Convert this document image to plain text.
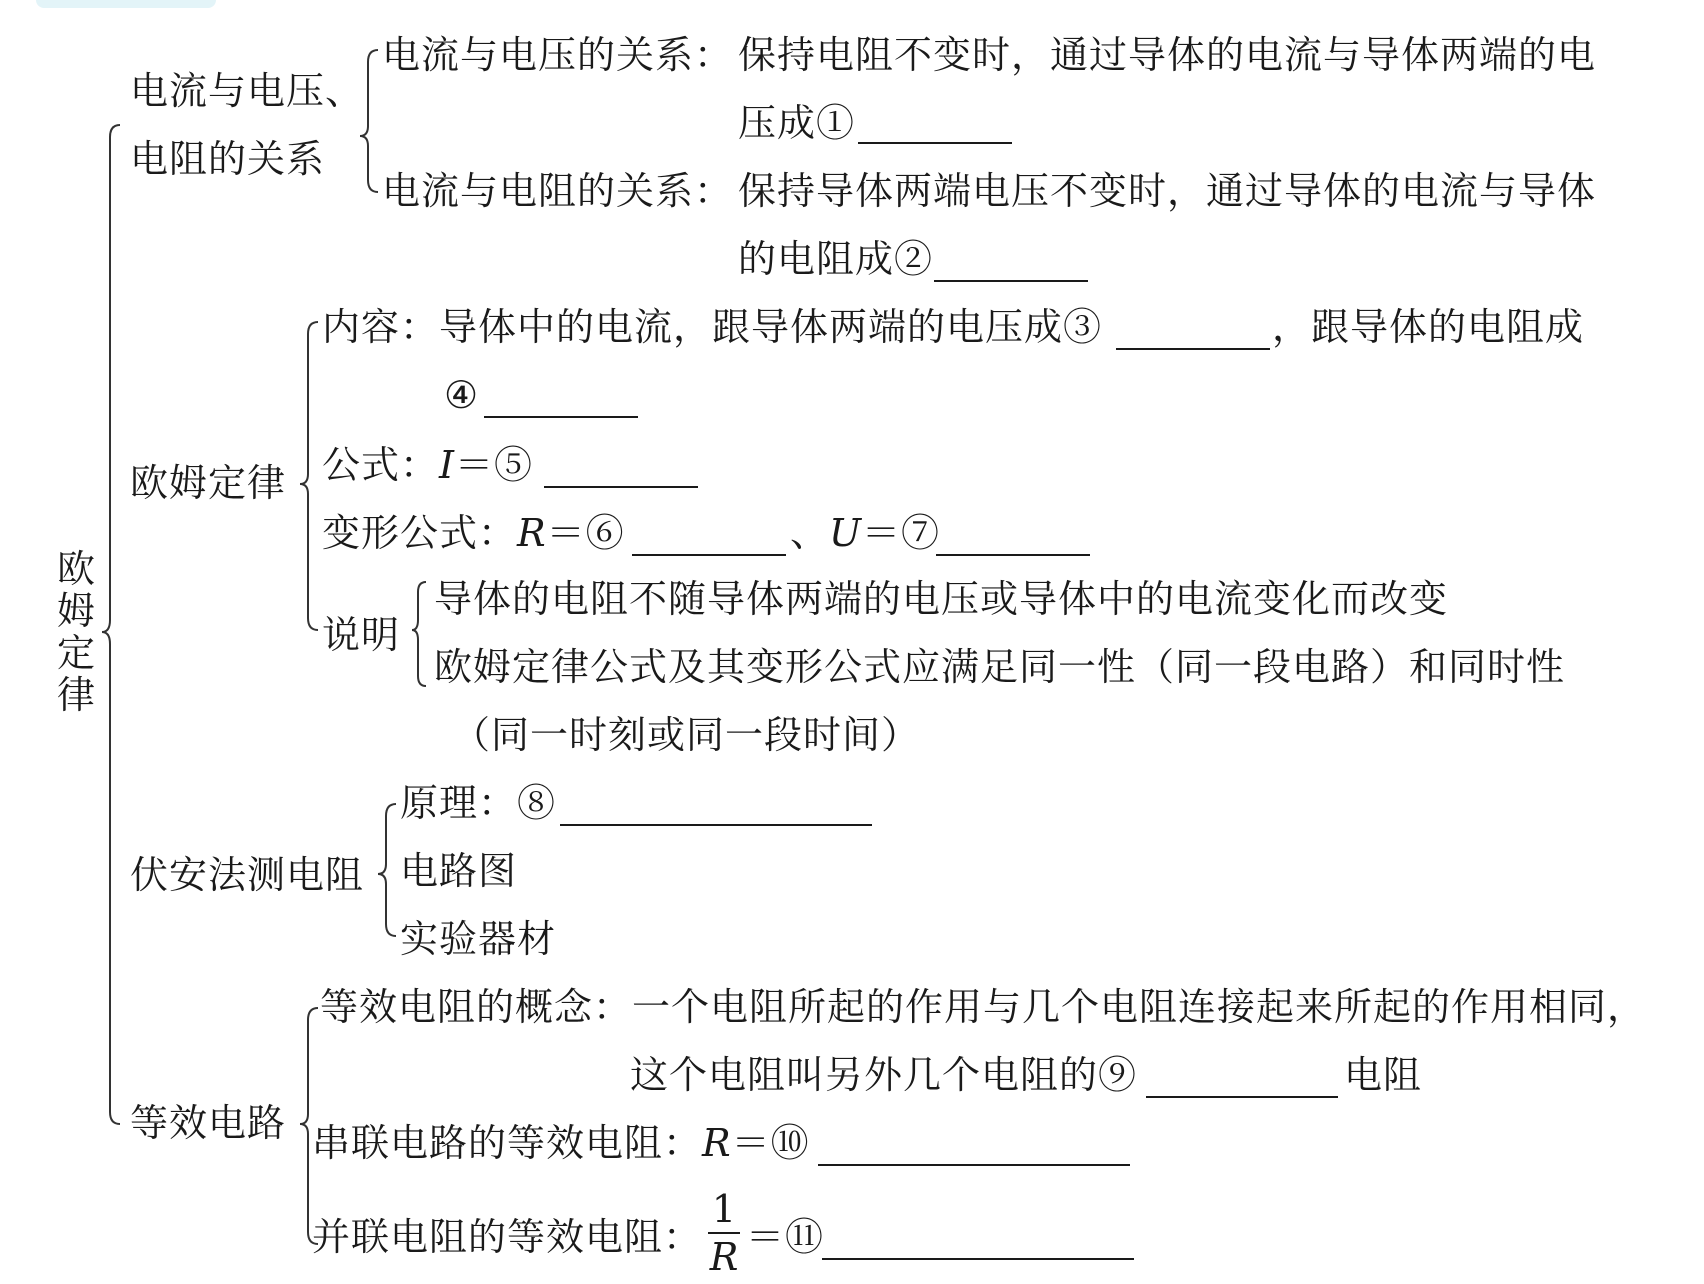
欧
姆
定
律
电流与电压、
电阻的关系
电流与电压的关系： 保持电阻不变时，通过导体的电流与导体两端的电
压成①
电流与电阻的关系： 保持导体两端电压不变时，通过导体的电流与导体
的电阻成②
欧姆定律
内容：导体中的电流，跟导体两端的电压成③	，跟导体的电阻成
④
公式：I＝⑤
变形公式：R＝⑥	、U＝⑦
说明
导体的电阻不随导体两端的电压或导体中的电流变化而改变
欧姆定律公式及其变形公式应满足同一性（同一段电路）和同时性
（同一时刻或同一段时间）
伏安法测电阻
原理：⑧
电路图
实验器材
等效电路
等效电阻的概念：一个电阻所起的作用与几个电阻连接起来所起的作用相同，
这个电阻叫另外几个电阻的⑨	电阻
串联电路的等效电阻：R＝⑩
并联电阻的等效电阻：
1
R ＝⑪
